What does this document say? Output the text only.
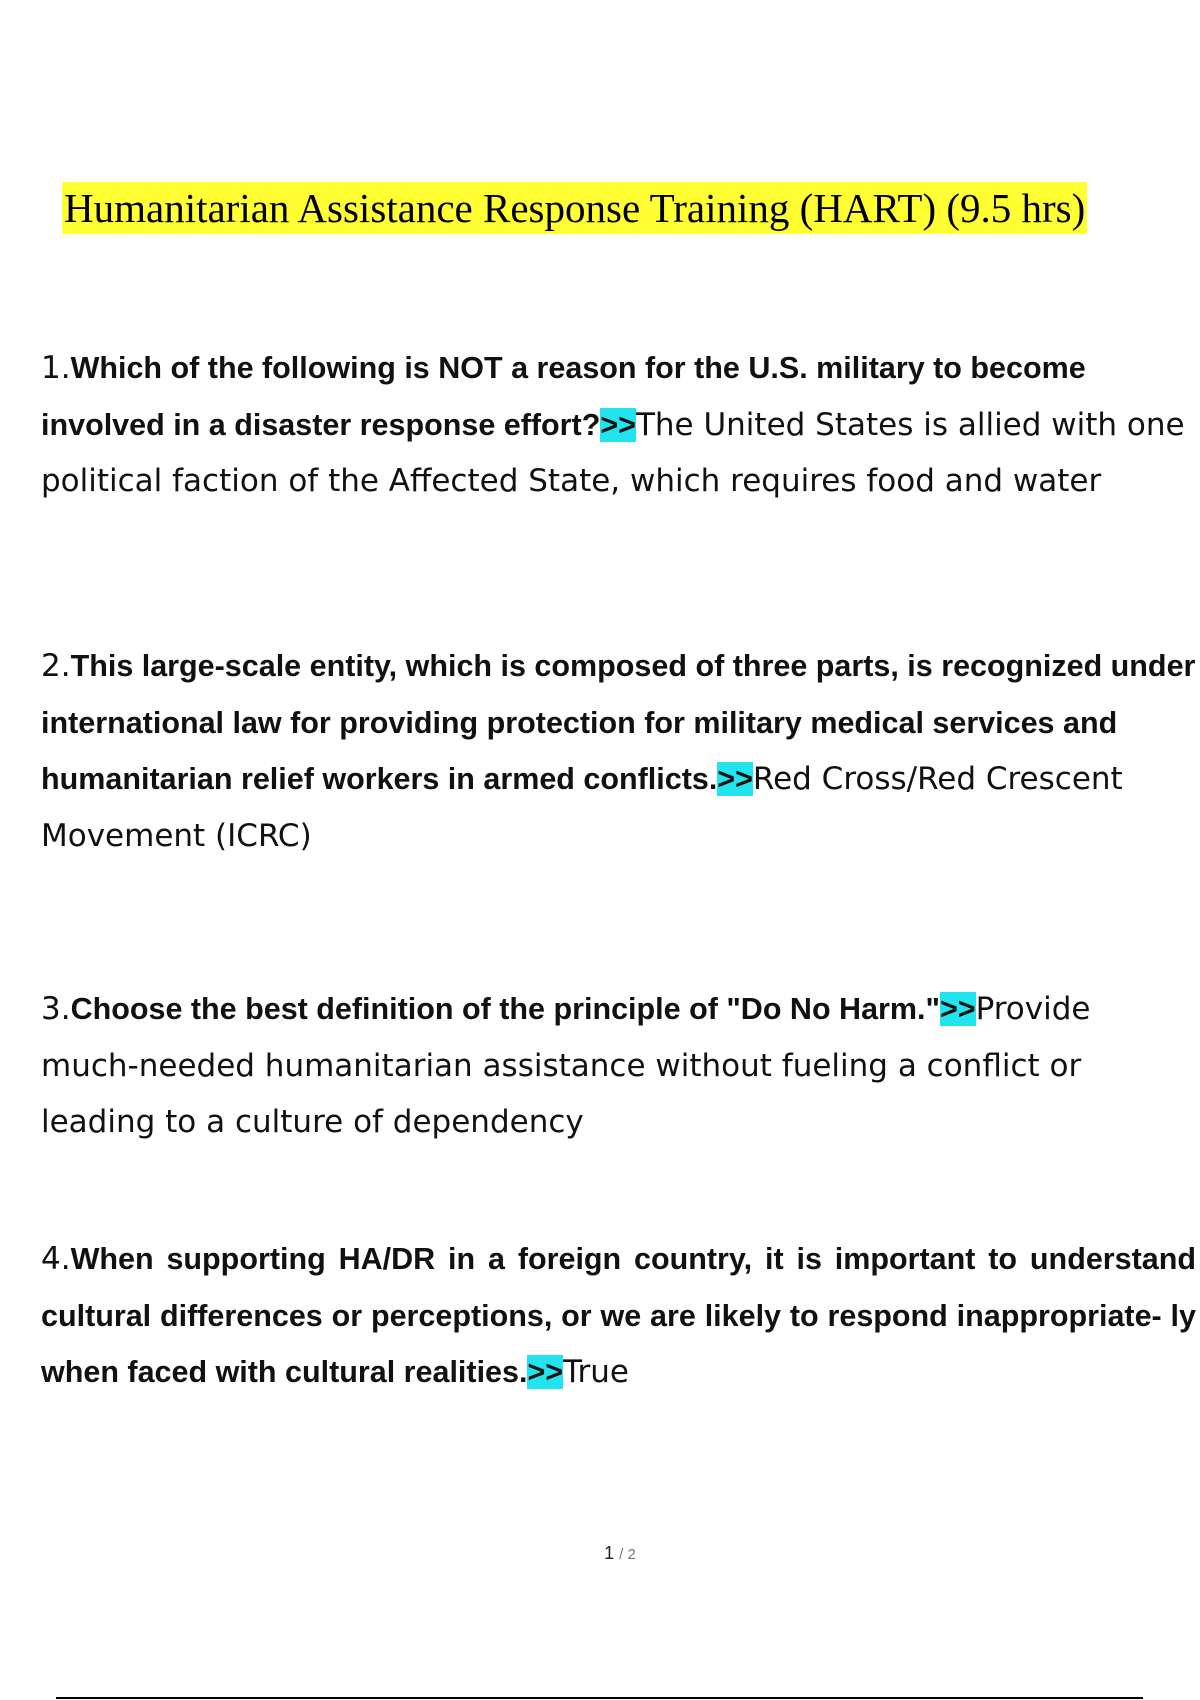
Humanitarian Assistance Response Training (HART) (9.5 hrs)

1.Which of the following is NOT a reason for the U.S. military to become involved in a disaster response effort?>>The United States is allied with one political faction of the Affected State, which requires food and water

2.This large-scale entity, which is composed of three parts, is recognized under international law for providing protection for military medical services and humanitarian relief workers in armed conflicts.>>Red Cross/Red Crescent Movement (ICRC)

3.Choose the best definition of the principle of "Do No Harm.">>Provide much-needed humanitarian assistance without fueling a conflict or leading to a culture of dependency

4.When supporting HA/DR in a foreign country, it is important to understand cultural differences or perceptions, or we are likely to respond inappropriate- ly when faced with cultural realities.>>True

1 / 2
